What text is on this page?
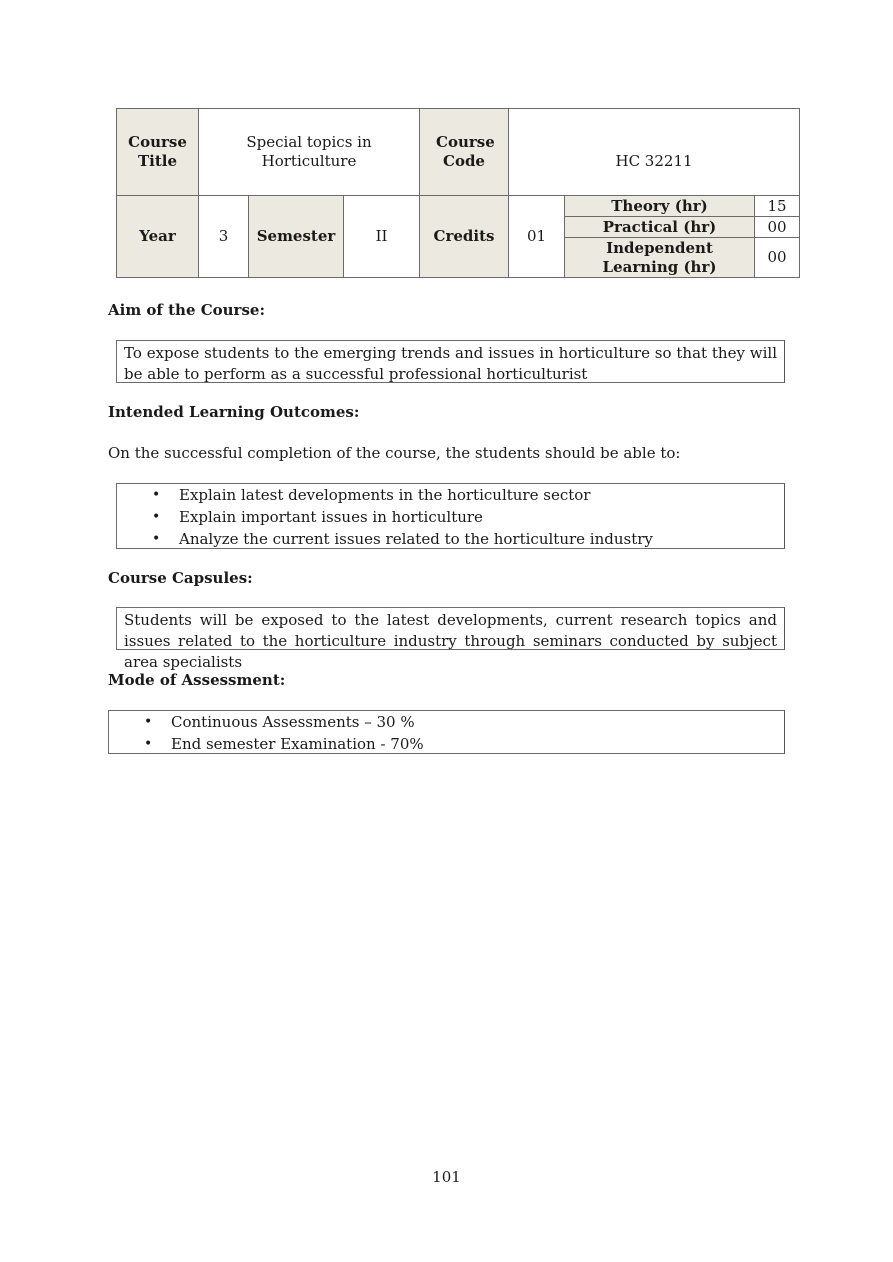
Course Title	Special topics in Horticulture			Course Code	HC 32211		
Year	3	Semester	II	Credits	01	Theory (hr)	15
						Practical (hr)	00
						Independent Learning (hr)	00
Aim of the Course:
To expose students to the emerging trends and issues in horticulture so that they will be able to perform as a successful professional horticulturist
Intended Learning Outcomes:
On the successful completion of the course, the students should be able to:
• Explain latest developments in the horticulture sector
• Explain important issues in horticulture
• Analyze the current issues related to the horticulture industry
Course Capsules:
Students will be exposed to the latest developments, current research topics and issues related to the horticulture industry through seminars conducted by subject area specialists
Mode of Assessment:
• Continuous Assessments – 30 %
• End semester Examination - 70%
101
